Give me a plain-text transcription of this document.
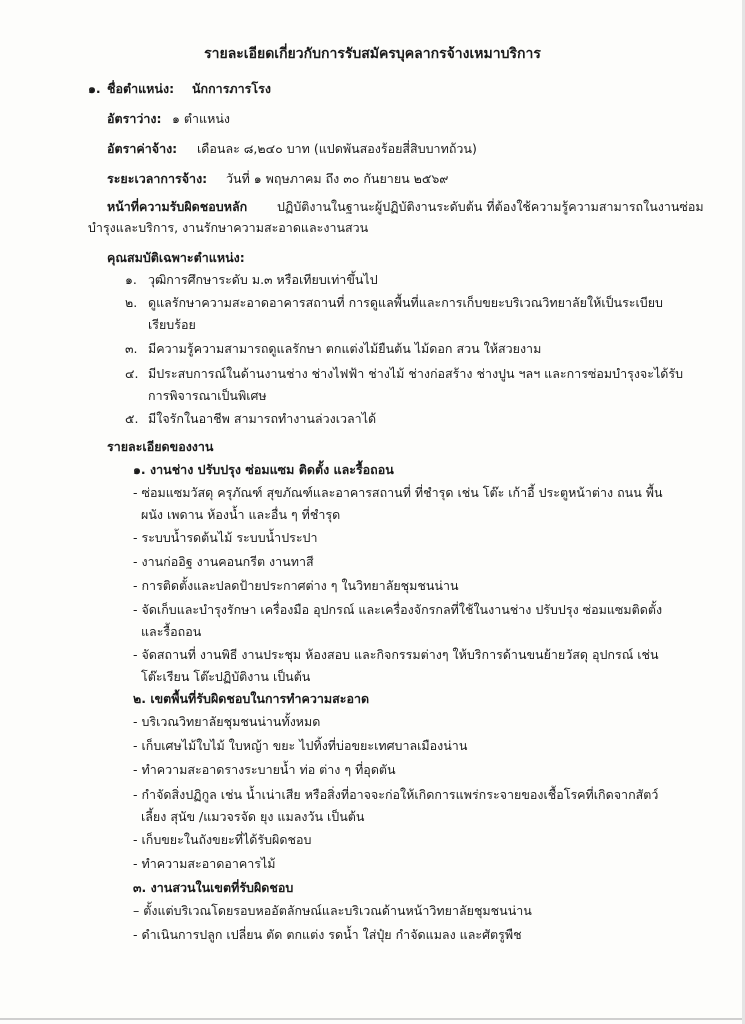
รายละเอียดเกี่ยวกับการรับสมัครบุคลากรจ้างเหมาบริการ
๑. ชื่อตำแหน่ง: นักการภารโรง
อัตราว่าง: ๑ ตำแหน่ง
อัตราค่าจ้าง: เดือนละ ๘,๒๔๐ บาท (แปดพันสองร้อยสี่สิบบาทถ้วน)
ระยะเวลาการจ้าง: วันที่ ๑ พฤษภาคม ถึง ๓๐ กันยายน ๒๕๖๙
หน้าที่ความรับผิดชอบหลัก ปฏิบัติงานในฐานะผู้ปฏิบัติงานระดับต้น ที่ต้องใช้ความรู้ความสามารถในงานซ่อม
บำรุงและบริการ, งานรักษาความสะอาดและงานสวน
คุณสมบัติเฉพาะตำแหน่ง:
๑. วุฒิการศึกษาระดับ ม.๓ หรือเทียบเท่าขึ้นไป
๒. ดูแลรักษาความสะอาดอาคารสถานที่ การดูแลพื้นที่และการเก็บขยะบริเวณวิทยาลัยให้เป็นระเบียบ
เรียบร้อย
๓. มีความรู้ความสามารถดูแลรักษา ตกแต่งไม้ยืนต้น ไม้ดอก สวน ให้สวยงาม
๔. มีประสบการณ์ในด้านงานช่าง ช่างไฟฟ้า ช่างไม้ ช่างก่อสร้าง ช่างปูน ฯลฯ และการซ่อมบำรุงจะได้รับ
การพิจารณาเป็นพิเศษ
๕. มีใจรักในอาชีพ สามารถทำงานล่วงเวลาได้
รายละเอียดของงาน
๑. งานช่าง ปรับปรุง ซ่อมแซม ติดตั้ง และรื้อถอน
- ซ่อมแซมวัสดุ ครุภัณฑ์ สุขภัณฑ์และอาคารสถานที่ ที่ชำรุด เช่น โต๊ะ เก้าอี้ ประตูหน้าต่าง ถนน พื้น
ผนัง เพดาน ห้องน้ำ และอื่น ๆ ที่ชำรุด
- ระบบน้ำรดต้นไม้ ระบบน้ำประปา
- งานก่ออิฐ งานคอนกรีต งานทาสี
- การติดตั้งและปลดป้ายประกาศต่าง ๆ ในวิทยาลัยชุมชนน่าน
- จัดเก็บและบำรุงรักษา เครื่องมือ อุปกรณ์ และเครื่องจักรกลที่ใช้ในงานช่าง ปรับปรุง ซ่อมแซมติดตั้ง
และรื้อถอน
- จัดสถานที่ งานพิธี งานประชุม ห้องสอบ และกิจกรรมต่างๆ ให้บริการด้านขนย้ายวัสดุ อุปกรณ์ เช่น
โต๊ะเรียน โต๊ะปฏิบัติงาน เป็นต้น
๒. เขตพื้นที่รับผิดชอบในการทำความสะอาด
- บริเวณวิทยาลัยชุมชนน่านทั้งหมด
- เก็บเศษไม้ใบไม้ ใบหญ้า ขยะ ไปทิ้งที่บ่อขยะเทศบาลเมืองน่าน
- ทำความสะอาดรางระบายน้ำ ท่อ ต่าง ๆ ที่อุดตัน
- กำจัดสิ่งปฏิกูล เช่น น้ำเน่าเสีย หรือสิ่งที่อาจจะก่อให้เกิดการแพร่กระจายของเชื้อโรคที่เกิดจากสัตว์
เลี้ยง สุนัข /แมวจรจัด ยุง แมลงวัน เป็นต้น
- เก็บขยะในถังขยะที่ได้รับผิดชอบ
- ทำความสะอาดอาคารไม้
๓. งานสวนในเขตที่รับผิดชอบ
– ตั้งแต่บริเวณโดยรอบหออัตลักษณ์และบริเวณด้านหน้าวิทยาลัยชุมชนน่าน
- ดำเนินการปลูก เปลี่ยน ตัด ตกแต่ง รดน้ำ ใส่ปุ๋ย กำจัดแมลง และศัตรูพืช
